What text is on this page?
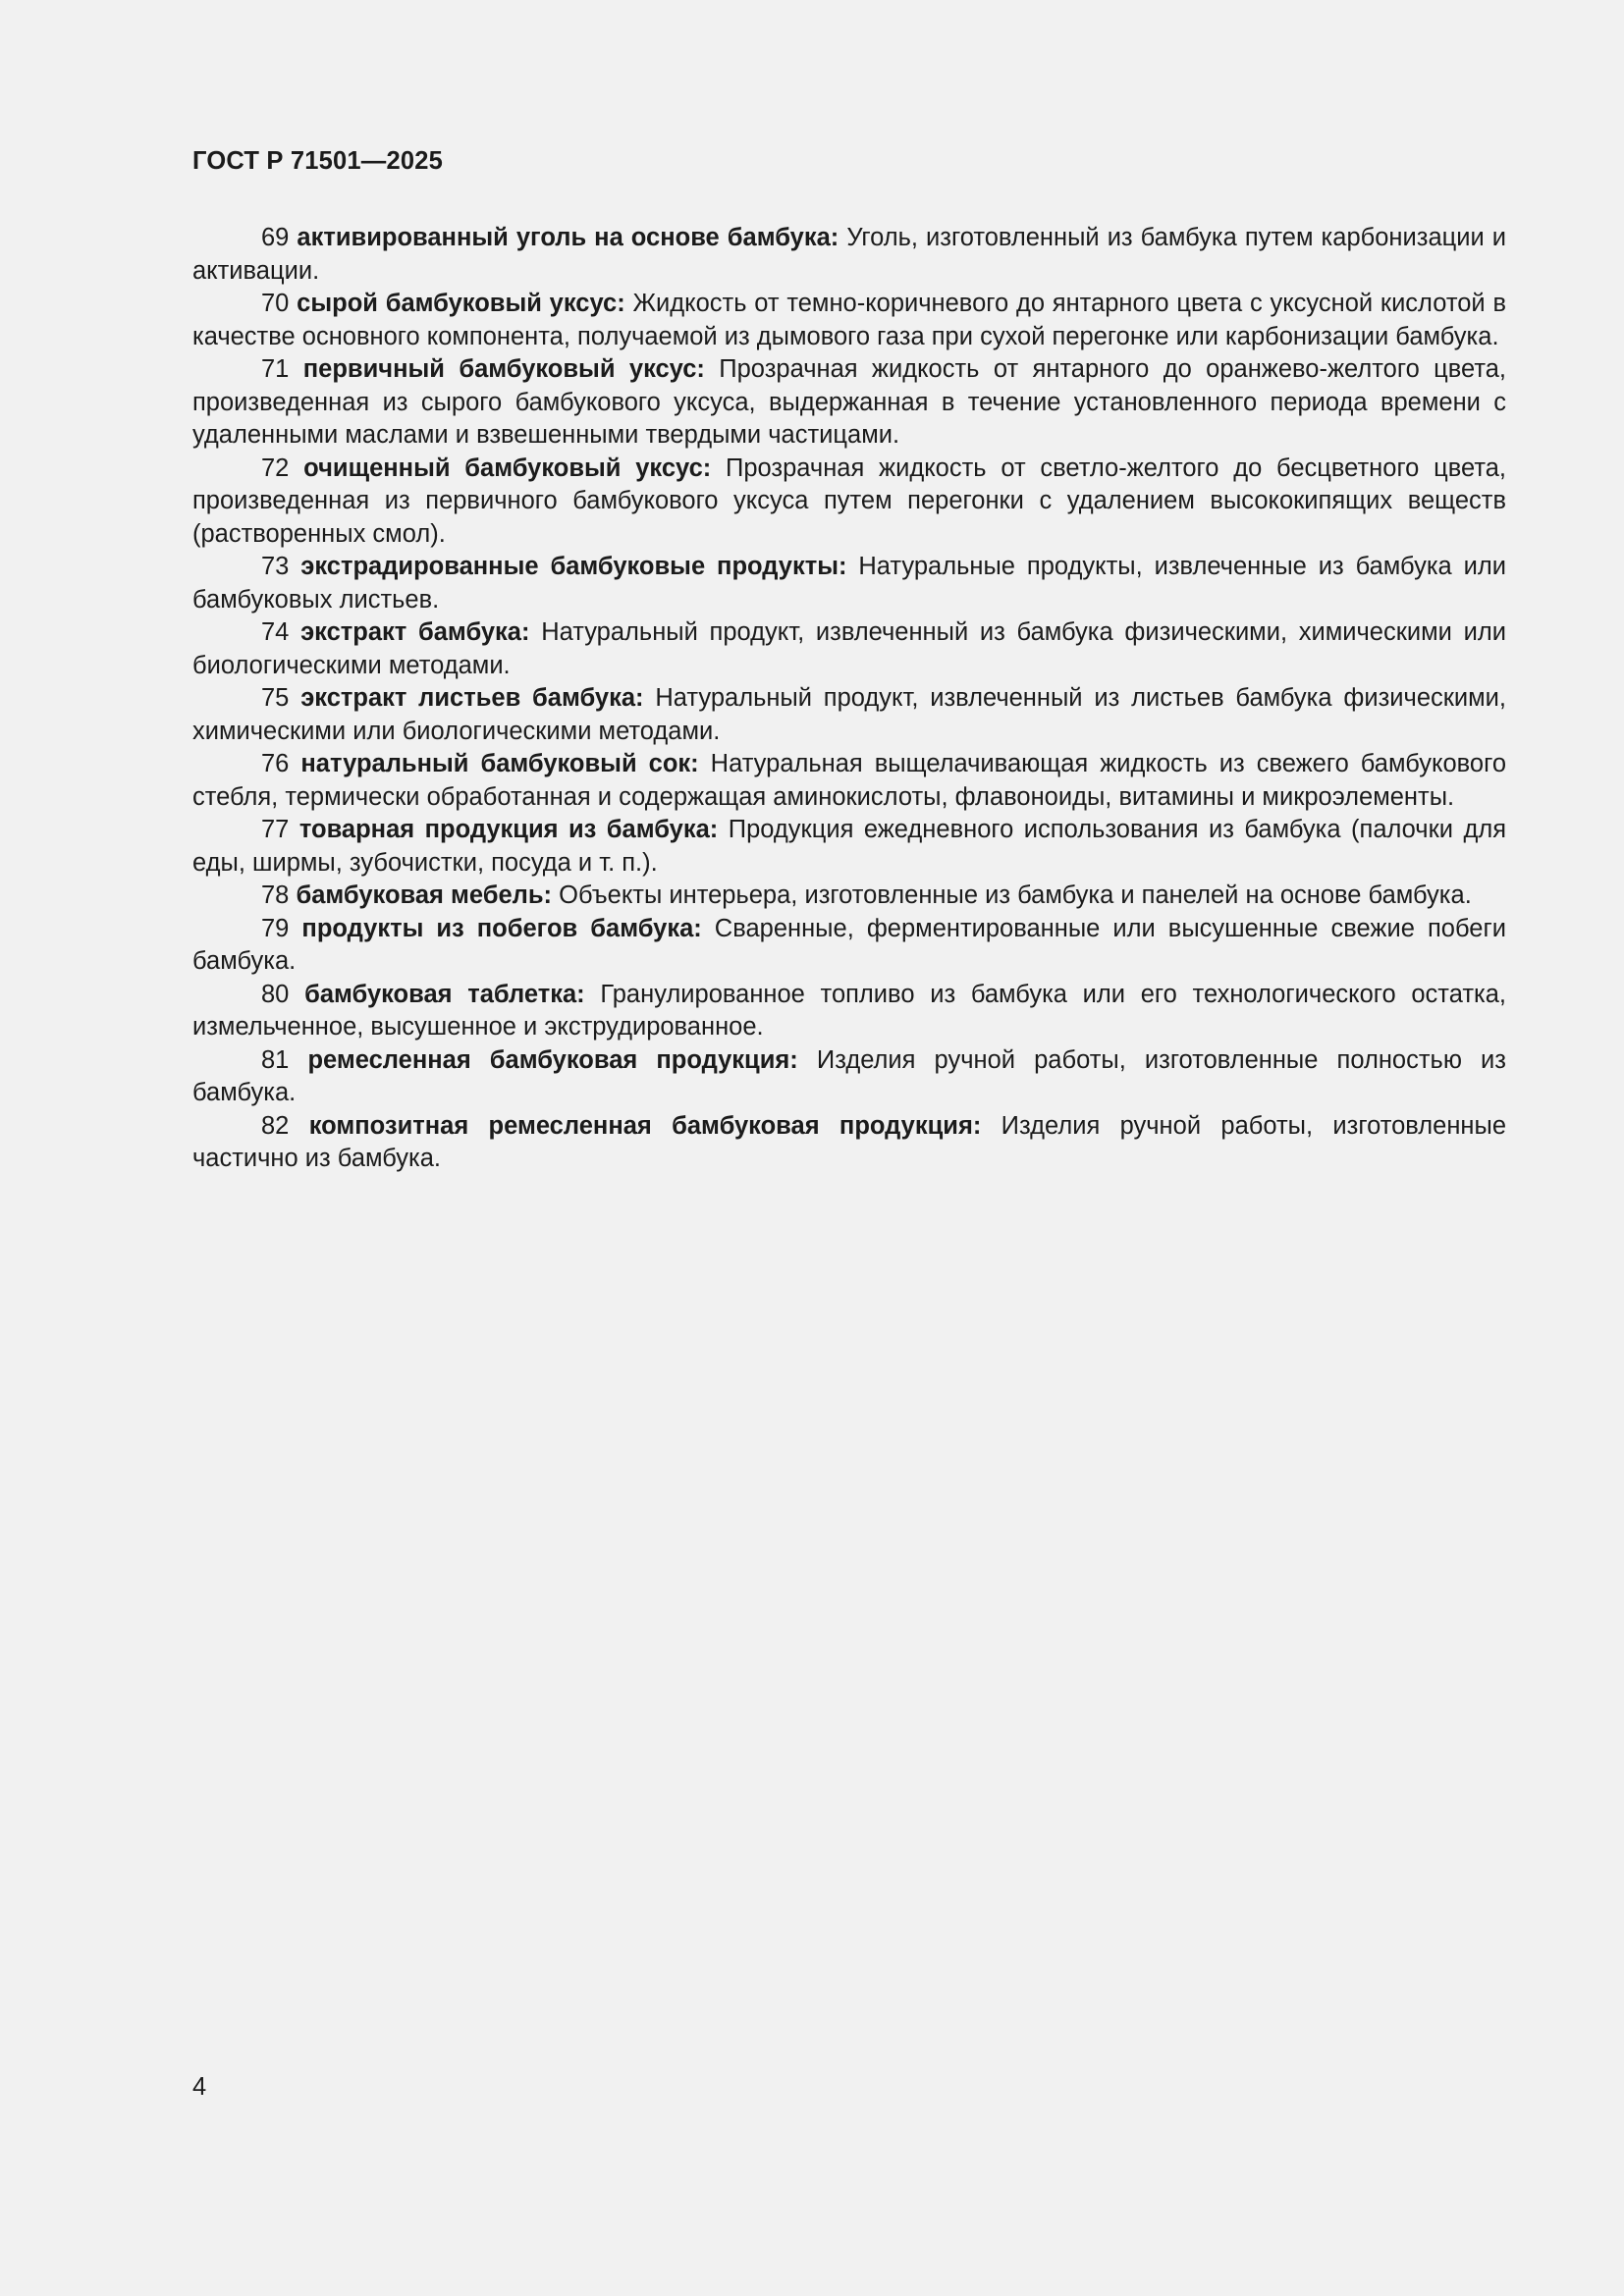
ГОСТ Р 71501—2025

69 активированный уголь на основе бамбука: Уголь, изготовленный из бамбука путем карбонизации и активации.

70 сырой бамбуковый уксус: Жидкость от темно-коричневого до янтарного цвета с уксусной кислотой в качестве основного компонента, получаемой из дымового газа при сухой перегонке или карбонизации бамбука.

71 первичный бамбуковый уксус: Прозрачная жидкость от янтарного до оранжево-желтого цвета, произведенная из сырого бамбукового уксуса, выдержанная в течение установленного периода времени с удаленными маслами и взвешенными твердыми частицами.

72 очищенный бамбуковый уксус: Прозрачная жидкость от светло-желтого до бесцветного цвета, произведенная из первичного бамбукового уксуса путем перегонки с удалением высококипящих веществ (растворенных смол).

73 экстрадированные бамбуковые продукты: Натуральные продукты, извлеченные из бамбука или бамбуковых листьев.

74 экстракт бамбука: Натуральный продукт, извлеченный из бамбука физическими, химическими или биологическими методами.

75 экстракт листьев бамбука: Натуральный продукт, извлеченный из листьев бамбука физическими, химическими или биологическими методами.

76 натуральный бамбуковый сок: Натуральная выщелачивающая жидкость из свежего бамбукового стебля, термически обработанная и содержащая аминокислоты, флавоноиды, витамины и микроэлементы.

77 товарная продукция из бамбука: Продукция ежедневного использования из бамбука (палочки для еды, ширмы, зубочистки, посуда и т. п.).

78 бамбуковая мебель: Объекты интерьера, изготовленные из бамбука и панелей на основе бамбука.

79 продукты из побегов бамбука: Сваренные, ферментированные или высушенные свежие побеги бамбука.

80 бамбуковая таблетка: Гранулированное топливо из бамбука или его технологического остатка, измельченное, высушенное и экструдированное.

81 ремесленная бамбуковая продукция: Изделия ручной работы, изготовленные полностью из бамбука.

82 композитная ремесленная бамбуковая продукция: Изделия ручной работы, изготовленные частично из бамбука.

4
